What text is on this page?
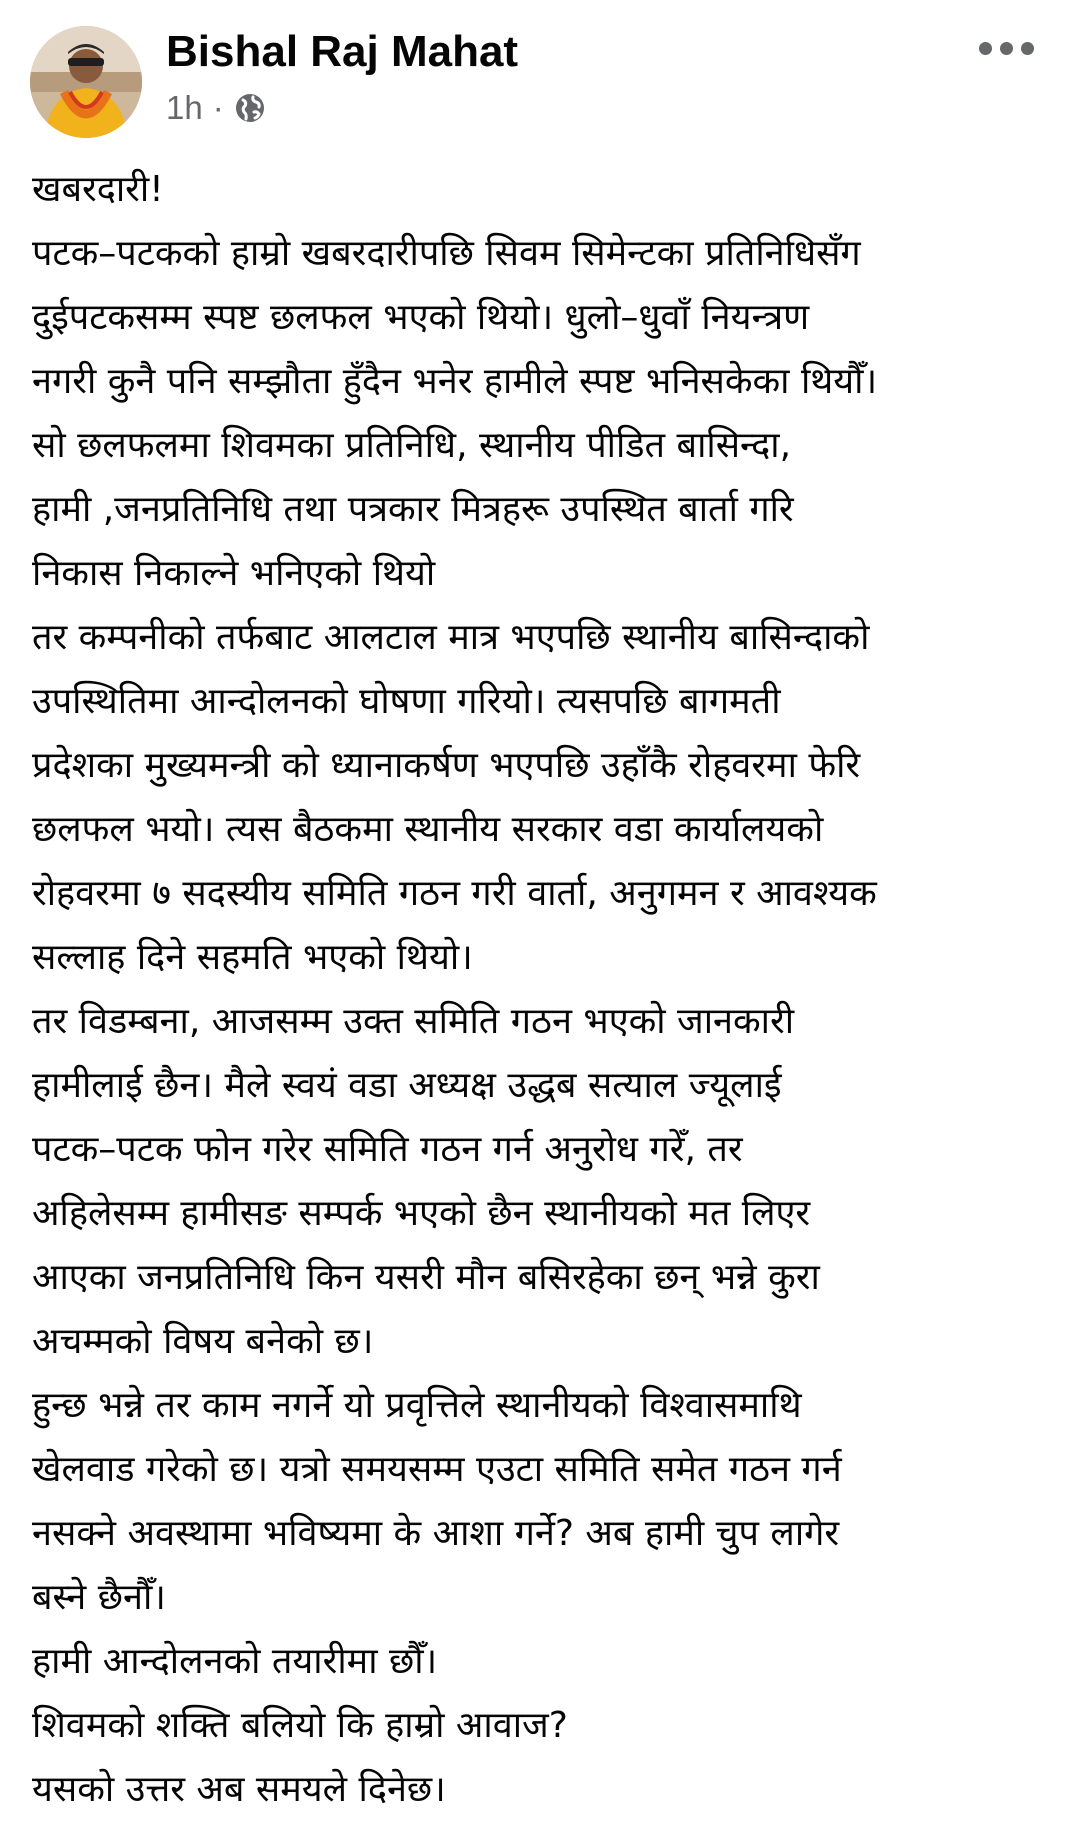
Bishal Raj Mahat
1h ·
खबरदारी!
पटक–पटकको हाम्रो खबरदारीपछि सिवम सिमेन्टका प्रतिनिधिसँग
दुईपटकसम्म स्पष्ट छलफल भएको थियो। धुलो–धुवाँ नियन्त्रण
नगरी कुनै पनि सम्झौता हुँदैन भनेर हामीले स्पष्ट भनिसकेका थियौँ।
सो छलफलमा शिवमका प्रतिनिधि, स्थानीय पीडित बासिन्दा,
हामी ,जनप्रतिनिधि तथा पत्रकार मित्रहरू उपस्थित बार्ता गरि
निकास निकाल्ने भनिएको थियो
तर कम्पनीको तर्फबाट आलटाल मात्र भएपछि स्थानीय बासिन्दाको
उपस्थितिमा आन्दोलनको घोषणा गरियो। त्यसपछि बागमती
प्रदेशका मुख्यमन्त्री को ध्यानाकर्षण भएपछि उहाँकै रोहवरमा फेरि
छलफल भयो। त्यस बैठकमा स्थानीय सरकार वडा कार्यालयको
रोहवरमा ७ सदस्यीय समिति गठन गरी वार्ता, अनुगमन र आवश्यक
सल्लाह दिने सहमति भएको थियो।
तर विडम्बना, आजसम्म उक्त समिति गठन भएको जानकारी
हामीलाई छैन। मैले स्वयं वडा अध्यक्ष उद्धब सत्याल ज्यूलाई
पटक–पटक फोन गरेर समिति गठन गर्न अनुरोध गरेँ, तर
अहिलेसम्म हामीसङ सम्पर्क भएको छैन स्थानीयको मत लिएर
आएका जनप्रतिनिधि किन यसरी मौन बसिरहेका छन् भन्ने कुरा
अचम्मको विषय बनेको छ।
हुन्छ भन्ने तर काम नगर्ने यो प्रवृत्तिले स्थानीयको विश्वासमाथि
खेलवाड गरेको छ। यत्रो समयसम्म एउटा समिति समेत गठन गर्न
नसक्ने अवस्थामा भविष्यमा के आशा गर्ने? अब हामी चुप लागेर
बस्ने छैनौँ।
हामी आन्दोलनको तयारीमा छौँ।
शिवमको शक्ति बलियो कि हाम्रो आवाज?
यसको उत्तर अब समयले दिनेछ।
